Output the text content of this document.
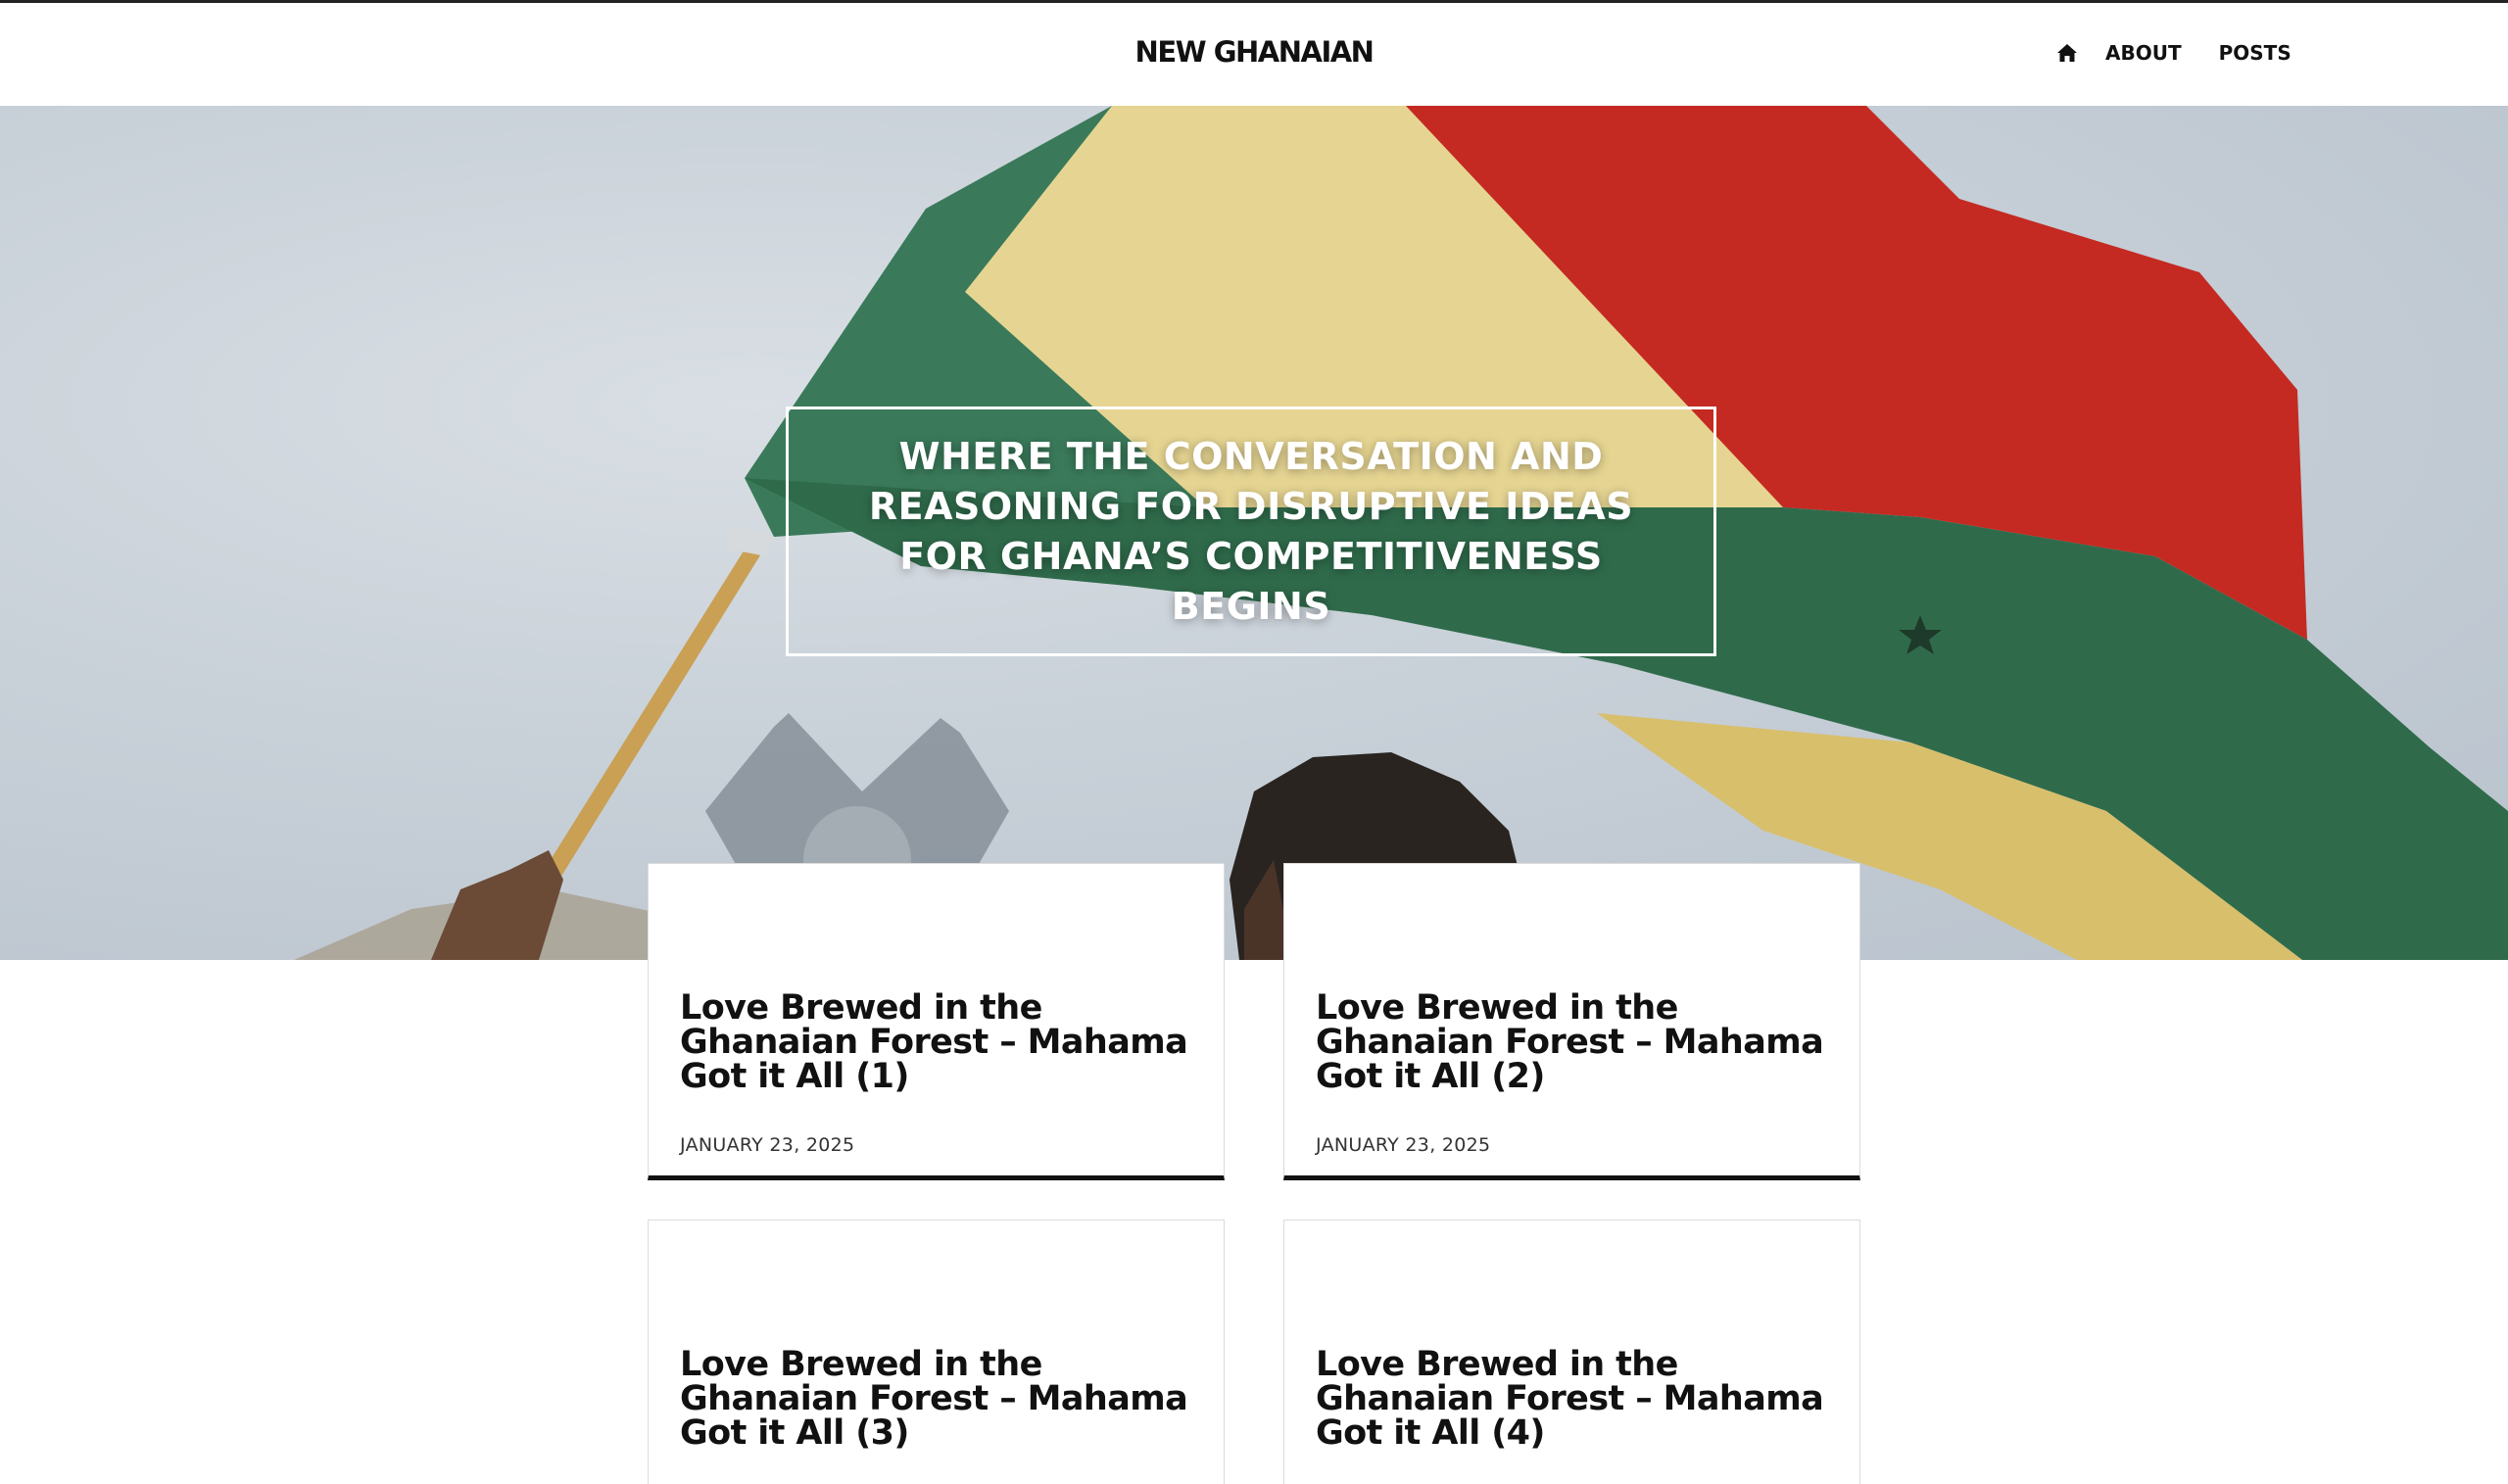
NEW GHANAIAN	ABOUT	POSTS

WHERE THE CONVERSATION AND REASONING FOR DISRUPTIVE IDEAS FOR GHANA’S COMPETITIVENESS BEGINS

Love Brewed in the Ghanaian Forest – Mahama Got it All (1)
JANUARY 23, 2025
Love Brewed in the Ghanaian Forest – Mahama Got it All (2)
JANUARY 23, 2025
Love Brewed in the Ghanaian Forest – Mahama Got it All (3)
Love Brewed in the Ghanaian Forest – Mahama Got it All (4)
